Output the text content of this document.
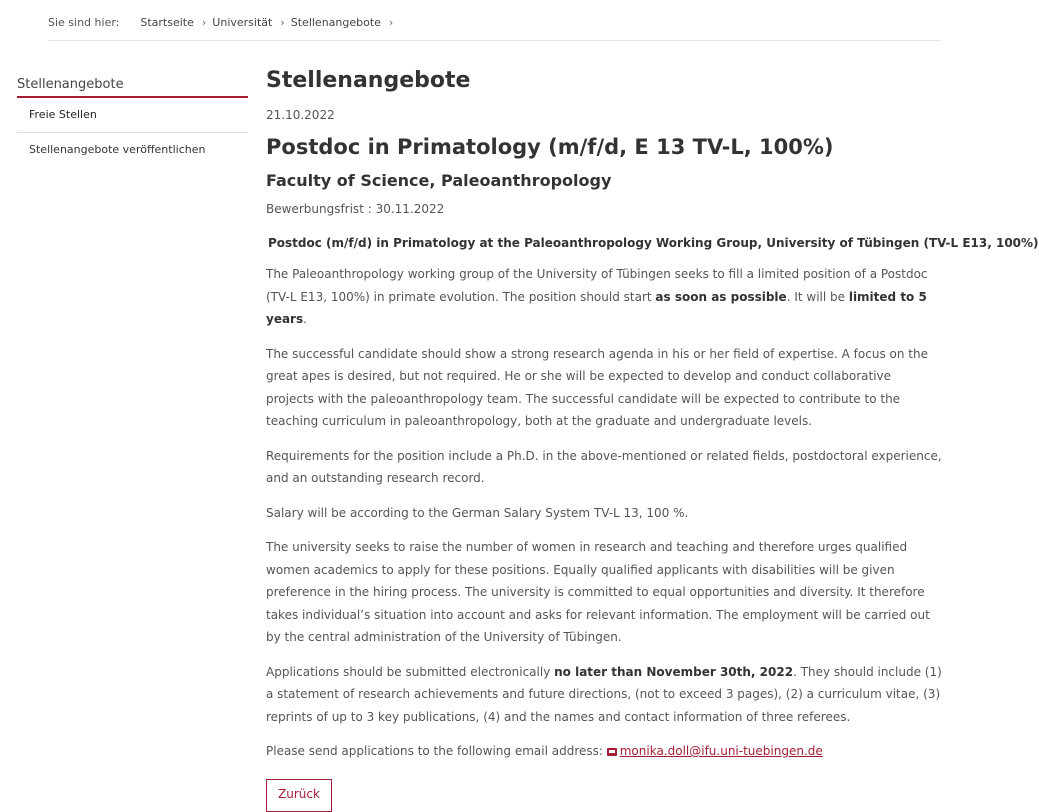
Sie sind hier: Startseite › Universität › Stellenangebote ›
Stellenangebote
Freie Stellen
Stellenangebote veröffentlichen
Stellenangebote
21.10.2022
Postdoc in Primatology (m/f/d, E 13 TV-L, 100%)
Faculty of Science, Paleoanthropology
Bewerbungsfrist : 30.11.2022
Postdoc (m/f/d) in Primatology at the Paleoanthropology Working Group, University of Tübingen (TV-L E13, 100%)

The Paleoanthropology working group of the University of Tübingen seeks to fill a limited position of a Postdoc (TV-L E13, 100%) in primate evolution. The position should start as soon as possible. It will be limited to 5 years.

The successful candidate should show a strong research agenda in his or her field of expertise. A focus on the great apes is desired, but not required. He or she will be expected to develop and conduct collaborative projects with the paleoanthropology team. The successful candidate will be expected to contribute to the teaching curriculum in paleoanthropology, both at the graduate and undergraduate levels.

Requirements for the position include a Ph.D. in the above-mentioned or related fields, postdoctoral experience, and an outstanding research record.

Salary will be according to the German Salary System TV-L 13, 100 %.

The university seeks to raise the number of women in research and teaching and therefore urges qualified women academics to apply for these positions. Equally qualified applicants with disabilities will be given preference in the hiring process. The university is committed to equal opportunities and diversity. It therefore takes individual’s situation into account and asks for relevant information. The employment will be carried out by the central administration of the University of Tübingen.

Applications should be submitted electronically no later than November 30th, 2022. They should include (1) a statement of research achievements and future directions, (not to exceed 3 pages), (2) a curriculum vitae, (3) reprints of up to 3 key publications, (4) and the names and contact information of three referees.

Please send applications to the following email address: monika.doll@ifu.uni-tuebingen.de

Zurück
